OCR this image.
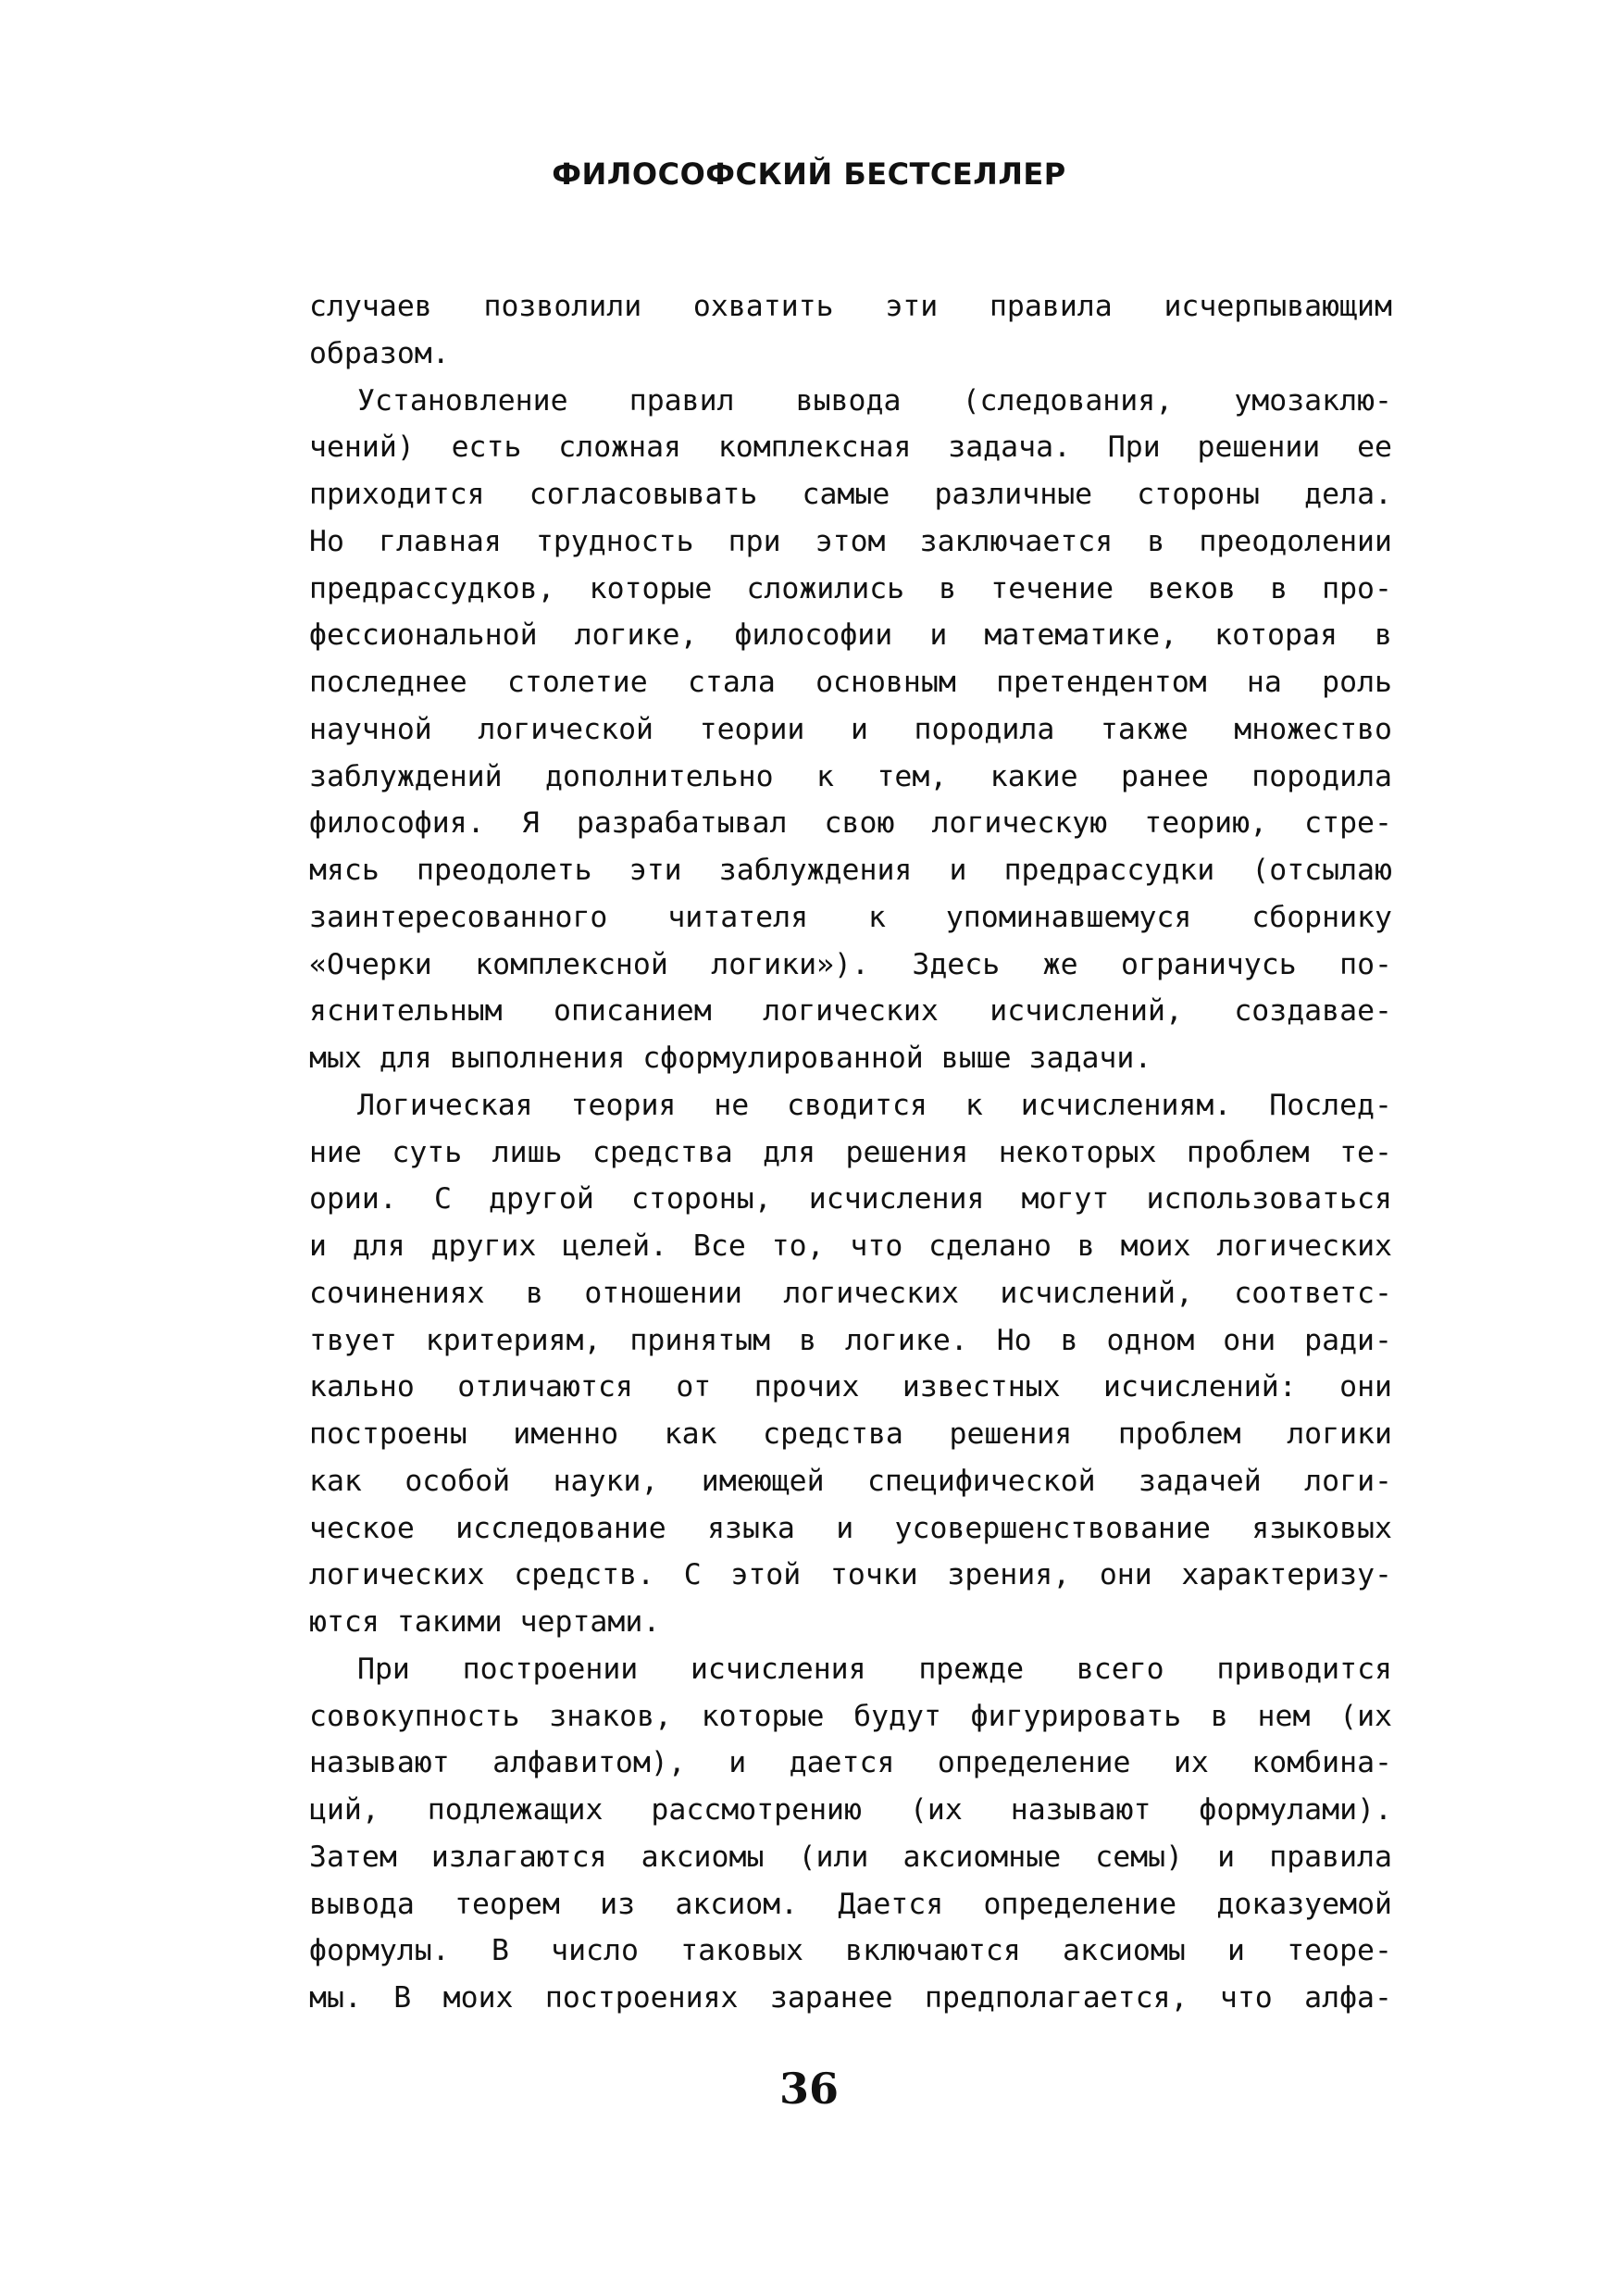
ФИЛОСОФСКИЙ БЕСТСЕЛЛЕР
случаев позволили охватить эти правила исчерпывающим
образом.
Установление правил вывода (следования, умозаклю-
чений) есть сложная комплексная задача. При решении ее
приходится согласовывать самые различные стороны дела.
Но главная трудность при этом заключается в преодолении
предрассудков, которые сложились в течение веков в про-
фессиональной логике, философии и математике, которая в
последнее столетие стала основным претендентом на роль
научной логической теории и породила также множество
заблуждений дополнительно к тем, какие ранее породила
философия. Я разрабатывал свою логическую теорию, стре-
мясь преодолеть эти заблуждения и предрассудки (отсылаю
заинтересованного читателя к упоминавшемуся сборнику
«Очерки комплексной логики»). Здесь же ограничусь по-
яснительным описанием логических исчислений, создавае-
мых для выполнения сформулированной выше задачи.
Логическая теория не сводится к исчислениям. Послед-
ние суть лишь средства для решения некоторых проблем те-
ории. С другой стороны, исчисления могут использоваться
и для других целей. Все то, что сделано в моих логических
сочинениях в отношении логических исчислений, соответс-
твует критериям, принятым в логике. Но в одном они ради-
кально отличаются от прочих известных исчислений: они
построены именно как средства решения проблем логики
как особой науки, имеющей специфической задачей логи-
ческое исследование языка и усовершенствование языковых
логических средств. С этой точки зрения, они характеризу-
ются такими чертами.
При построении исчисления прежде всего приводится
совокупность знаков, которые будут фигурировать в нем (их
называют алфавитом), и дается определение их комбина-
ций, подлежащих рассмотрению (их называют формулами).
Затем излагаются аксиомы (или аксиомные семы) и правила
вывода теорем из аксиом. Дается определение доказуемой
формулы. В число таковых включаются аксиомы и теоре-
мы. В моих построениях заранее предполагается, что алфа-
36
